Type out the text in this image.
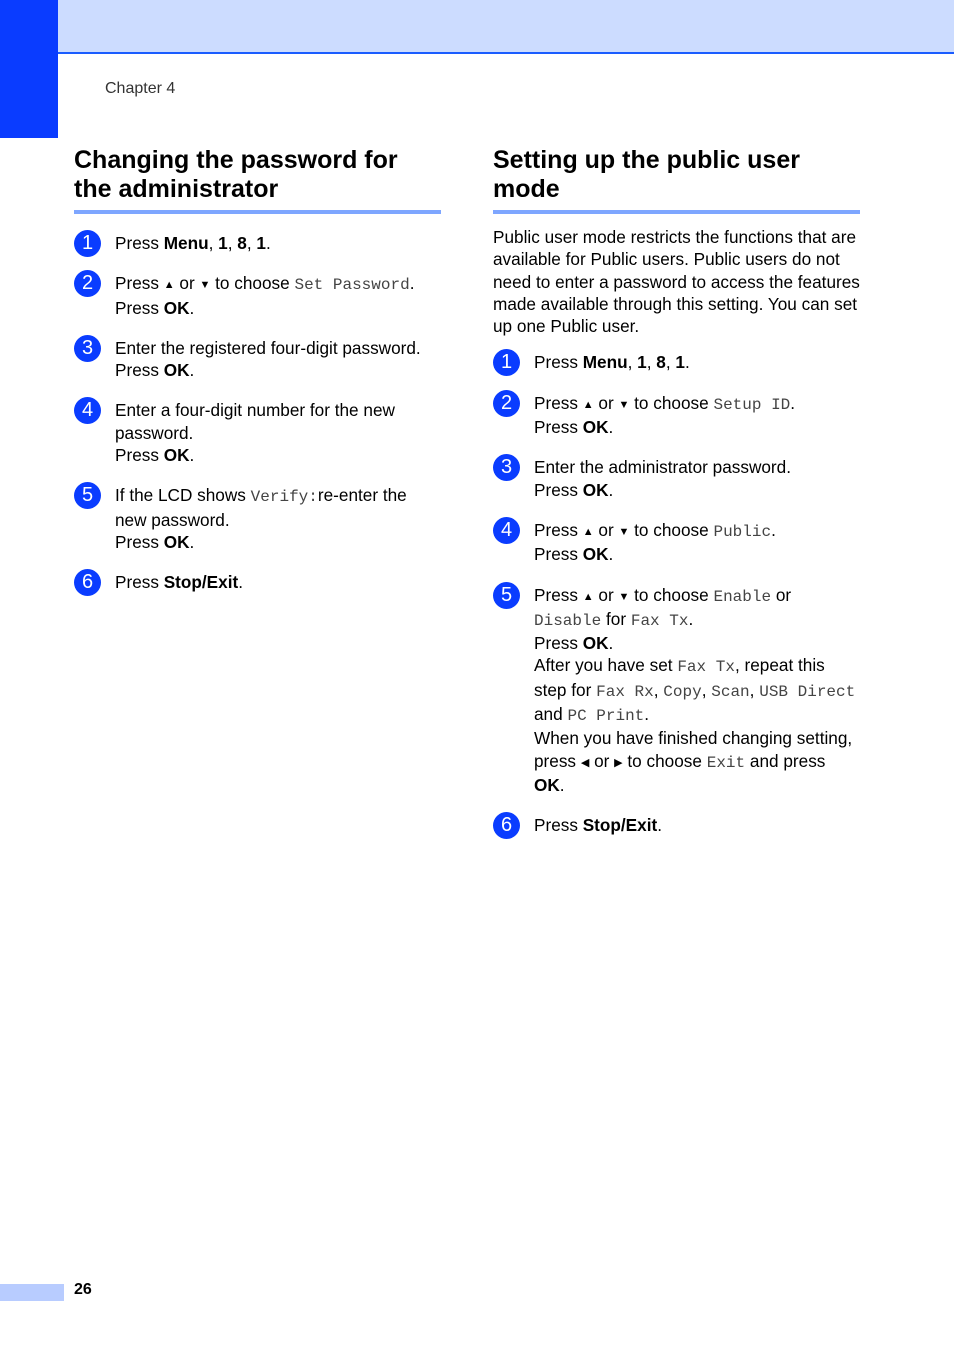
Chapter 4
Changing the password for the administrator
1	Press Menu, 1, 8, 1.
2	Press ▲ or ▼ to choose Set Password.
Press OK.
3	Enter the registered four-digit password.
Press OK.
4	Enter a four-digit number for the new password.
Press OK.
5	If the LCD shows Verify:re-enter the new password.
Press OK.
6	Press Stop/Exit.
Setting up the public user mode

Public user mode restricts the functions that are available for Public users. Public users do not need to enter a password to access the features made available through this setting. You can set up one Public user.

1	Press Menu, 1, 8, 1.
2	Press ▲ or ▼ to choose Setup ID.
Press OK.
3	Enter the administrator password.
Press OK.
4	Press ▲ or ▼ to choose Public.
Press OK.
5	Press ▲ or ▼ to choose Enable or Disable for Fax Tx.
Press OK.
After you have set Fax Tx, repeat this step for Fax Rx, Copy, Scan, USB Direct and PC Print.
When you have finished changing setting, press ◀ or ▶ to choose Exit and press OK.
6	Press Stop/Exit.
26
